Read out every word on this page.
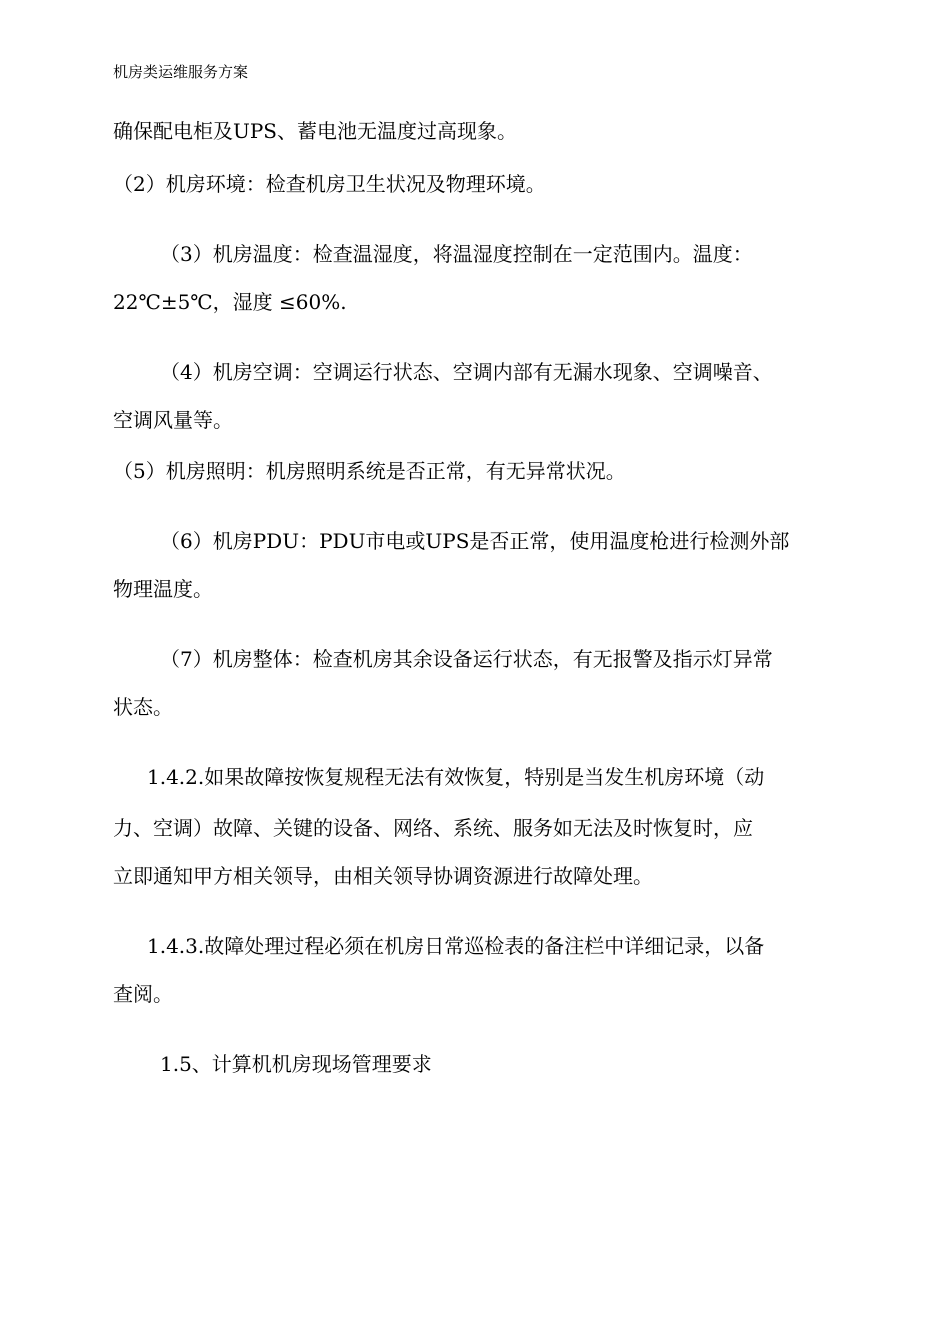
机房类运维服务方案
确保配电柜及UPS、蓄电池无温度过高现象。
（2）机房环境：检查机房卫生状况及物理环境。
（3）机房温度：检查温湿度，将温湿度控制在一定范围内。温度：
22℃±5℃，湿度 ≤60%.
（4）机房空调：空调运行状态、空调内部有无漏水现象、空调噪音、
空调风量等。
（5）机房照明：机房照明系统是否正常，有无异常状况。
（6）机房PDU：PDU市电或UPS是否正常，使用温度枪进行检测外部
物理温度。
（7）机房整体：检查机房其余设备运行状态，有无报警及指示灯异常
状态。
1.4.2.如果故障按恢复规程无法有效恢复，特别是当发生机房环境（动
力、空调）故障、关键的设备、网络、系统、服务如无法及时恢复时，应
立即通知甲方相关领导，由相关领导协调资源进行故障处理。
1.4.3.故障处理过程必须在机房日常巡检表的备注栏中详细记录，以备
查阅。
1.5、计算机机房现场管理要求
